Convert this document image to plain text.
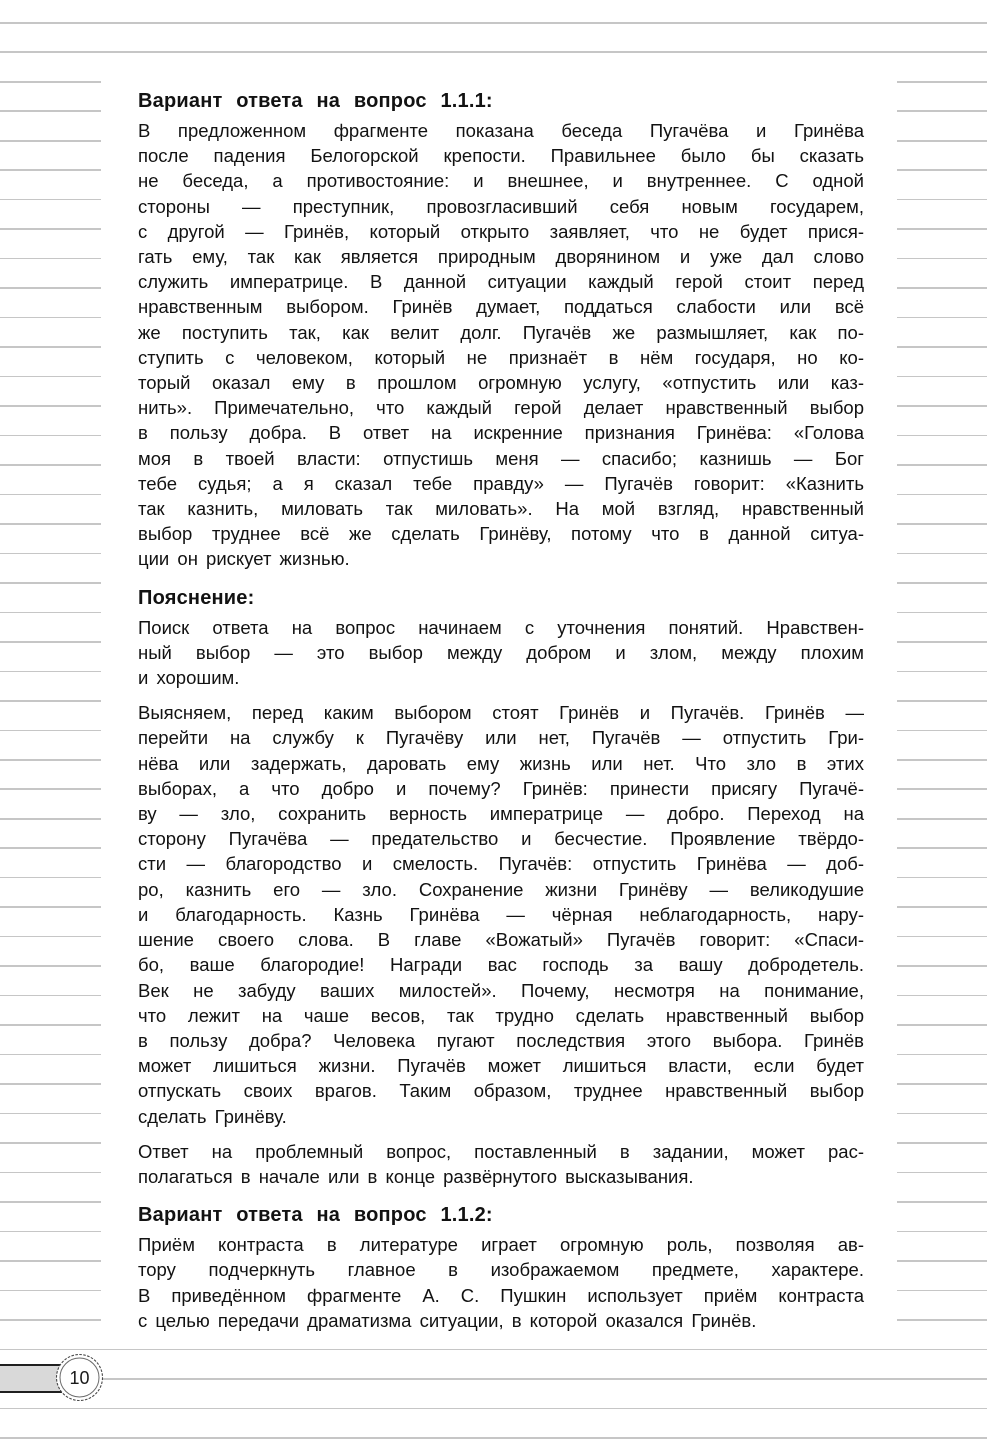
Вариант ответа на вопрос 1.1.1:

В предложенном фрагменте показана беседа Пугачёва и Гринёва
после падения Белогорской крепости. Правильнее было бы сказать
не беседа, а противостояние: и внешнее, и внутреннее. С одной
стороны — преступник, провозгласивший себя новым государем,
с другой — Гринёв, который открыто заявляет, что не будет прися-
гать ему, так как является природным дворянином и уже дал слово
служить императрице. В данной ситуации каждый герой стоит перед
нравственным выбором. Гринёв думает, поддаться слабости или всё
же поступить так, как велит долг. Пугачёв же размышляет, как по-
ступить с человеком, который не признаёт в нём государя, но ко-
торый оказал ему в прошлом огромную услугу, «отпустить или каз-
нить». Примечательно, что каждый герой делает нравственный выбор
в пользу добра. В ответ на искренние признания Гринёва: «Голова
моя в твоей власти: отпустишь меня — спасибо; казнишь — Бог
тебе судья; а я сказал тебе правду» — Пугачёв говорит: «Казнить
так казнить, миловать так миловать». На мой взгляд, нравственный
выбор труднее всё же сделать Гринёву, потому что в данной ситуа-
ции он рискует жизнью.

Пояснение:

Поиск ответа на вопрос начинаем с уточнения понятий. Нравствен-
ный выбор — это выбор между добром и злом, между плохим
и хорошим.

Выясняем, перед каким выбором стоят Гринёв и Пугачёв. Гринёв —
перейти на службу к Пугачёву или нет, Пугачёв — отпустить Гри-
нёва или задержать, даровать ему жизнь или нет. Что зло в этих
выборах, а что добро и почему? Гринёв: принести присягу Пугачё-
ву — зло, сохранить верность императрице — добро. Переход на
сторону Пугачёва — предательство и бесчестие. Проявление твёрдо-
сти — благородство и смелость. Пугачёв: отпустить Гринёва — доб-
ро, казнить его — зло. Сохранение жизни Гринёву — великодушие
и благодарность. Казнь Гринёва — чёрная неблагодарность, нару-
шение своего слова. В главе «Вожатый» Пугачёв говорит: «Спаси-
бо, ваше благородие! Награди вас господь за вашу добродетель.
Век не забуду ваших милостей». Почему, несмотря на понимание,
что лежит на чаше весов, так трудно сделать нравственный выбор
в пользу добра? Человека пугают последствия этого выбора. Гринёв
может лишиться жизни. Пугачёв может лишиться власти, если будет
отпускать своих врагов. Таким образом, труднее нравственный выбор
сделать Гринёву.

Ответ на проблемный вопрос, поставленный в задании, может рас-
полагаться в начале или в конце развёрнутого высказывания.

Вариант ответа на вопрос 1.1.2:

Приём контраста в литературе играет огромную роль, позволяя ав-
тору подчеркнуть главное в изображаемом предмете, характере.
В приведённом фрагменте А. С. Пушкин использует приём контраста
с целью передачи драматизма ситуации, в которой оказался Гринёв.

10
